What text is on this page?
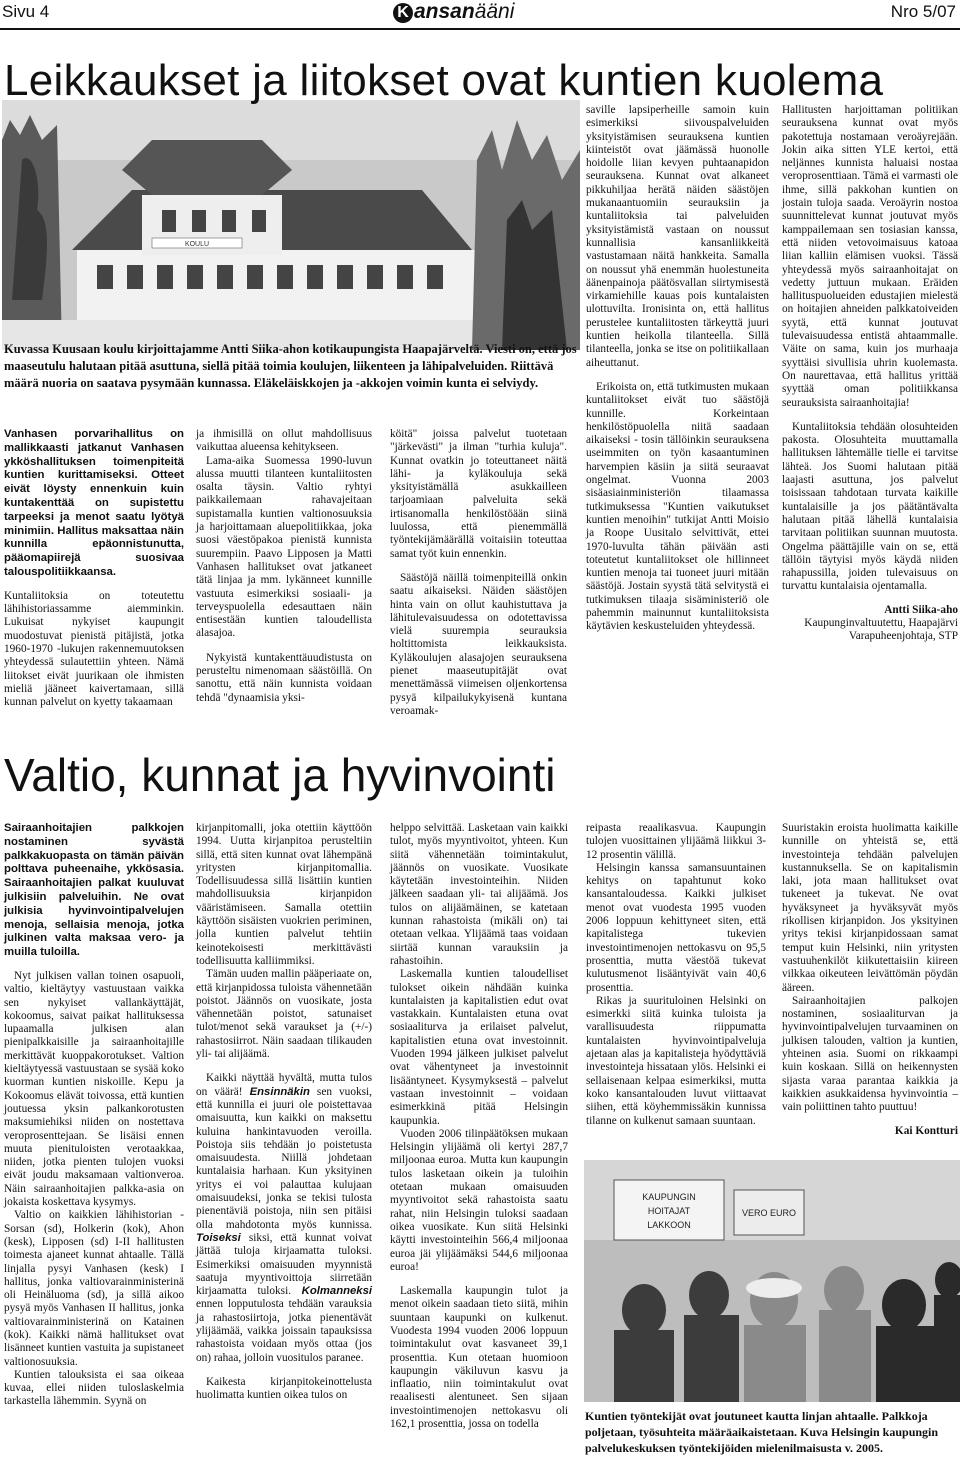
Sivu 4	K ansanääni	Nro 5/07
KOULU
Leikkaukset ja liitokset ovat kuntien kuolema
Kuvassa Kuusaan koulu kirjoittajamme Antti Siika-ahon kotikaupungista Haapajärveltä. Viesti on, että jos maaseutulu halutaan pitää asuttuna, siellä pitää toimia koulujen, liikenteen ja lähipalveluiden. Riittävä määrä nuoria on saatava pysymään kunnassa. Eläkeläiskkojen ja -akkojen voimin kunta ei selviydy.
Vanhasen porvarihallitus on mallikkaasti jatkanut Vanhasen ykköshallituksen toimenpiteitä kuntien kurittamiseksi. Otteet eivät löysty ennenkuin kuin kuntakenttää on supistettu tarpeeksi ja menot saatu lyötyä minimiin. Hallitus maksattaa näin kunnilla epäonnistunutta, pääomapiirejä suosivaa talouspolitiikkaansa.

Kuntaliitoksia on toteutettu lähihistoriassamme aiemminkin. Lukuisat nykyiset kaupungit muodostuvat pienistä pitäjistä, jotka 1960-1970 -lukujen rakennemuutoksen yhteydessä sulautettiin yhteen. Nämä liitokset eivät juurikaan ole ihmisten mieliä jääneet kaivertamaan, sillä kunnan palvelut on kyetty takaamaan

ja ihmisillä on ollut mahdollisuus vaikuttaa alueensa kehitykseen.

Lama-aika Suomessa 1990-luvun alussa muutti tilanteen kuntaliitosten osalta täysin. Valtio ryhtyi paikkailemaan rahavajeitaan supistamalla kuntien valtionosuuksia ja harjoittamaan aluepolitiikkaa, joka suosi väestöpakoa pienistä kunnista suurempiin. Paavo Lipposen ja Matti Vanhasen hallitukset ovat jatkaneet tätä linjaa ja mm. lykänneet kunnille vastuuta esimerkiksi sosiaali- ja terveyspuolella edesauttaen näin entisestään kuntien taloudellista alasajoa.

Nykyistä kuntakenttäuudistusta on perusteltu nimenomaan säästöillä. On sanottu, että näin kunnista voidaan tehdä "dynaamisia yksi-

köitä" joissa palvelut tuotetaan "järkevästi" ja ilman "turhia kuluja". Kunnat ovatkin jo toteuttaneet näitä lähi- ja kyläkouluja sekä yksityistämällä asukkailleen tarjoamiaan palveluita sekä irtisanomalla henkilöstöään siinä luulossa, että pienemmällä työntekijämäärällä voitaisiin toteuttaa samat työt kuin ennenkin.

Säästöjä näillä toimenpiteillä onkin saatu aikaiseksi. Näiden säästöjen hinta vain on ollut kauhistuttava ja lähitulevaisuudessa on odotettavissa vielä suurempia seurauksia holtittomista leikkauksista. Kyläkoulujen alasajojen seurauksena pienet maaseutupitäjät ovat menettämässä viimeisen oljenkortensa pysyä kilpailukykyisenä kuntana veroamak-

saville lapsiperheille samoin kuin esimerkiksi siivouspalveluiden yksityistämisen seurauksena kuntien kiinteistöt ovat jäämässä huonolle hoidolle liian kevyen puhtaanapidon seurauksena. Kunnat ovat alkaneet pikkuhiljaa herätä näiden säästöjen mukanaantuomiin seurauksiin ja kuntaliitoksia tai palveluiden yksityistämistä vastaan on noussut kunnallisia kansanliikkeitä vastustamaan näitä hankkeita. Samalla on noussut yhä enemmän huolestuneita äänenpainoja päätösvallan siirtymisestä virkamiehille kauas pois kuntalaisten ulottuvilta. Ironisinta on, että hallitus perustelee kuntaliitosten tärkeyttä juuri kuntien heikolla tilanteella. Sillä tilanteella, jonka se itse on politiikallaan aiheuttanut.

Erikoista on, että tutkimusten mukaan kuntaliitokset eivät tuo säästöjä kunnille. Korkeintaan henkilöstöpuolella niitä saadaan aikaiseksi - tosin tällöinkin seurauksena useimmiten on työn kasaantuminen harvempien käsiin ja siitä seuraavat ongelmat. Vuonna 2003 sisäasiainministeriön tilaamassa tutkimuksessa "Kuntien vaikutukset kuntien menoihin" tutkijat Antti Moisio ja Roope Uusitalo selvittivät, ettei 1970-luvulta tähän päivään asti toteutetut kuntaliitokset ole hillinneet kuntien menoja tai tuoneet juuri mitään säästöjä. Jostain syystä tätä selvitystä ei tutkimuksen tilaaja sisäministeriö ole pahemmin mainunnut kuntaliitoksista käytävien keskusteluiden yhteydessä.

Hallitusten harjoittaman politiikan seurauksena kunnat ovat myös pakotettuja nostamaan veroäyrejään. Jokin aika sitten YLE kertoi, että neljännes kunnista haluaisi nostaa veroprosenttiaan. Tämä ei varmasti ole ihme, sillä pakkohan kuntien on jostain tuloja saada. Veroäyrin nostoa suunnittelevat kunnat joutuvat myös kamppailemaan sen tosiasian kanssa, että niiden vetovoimaisuus katoaa liian kalliin elämisen vuoksi. Tässä yhteydessä myös sairaanhoitajat on vedetty juttuun mukaan. Eräiden hallituspuolueiden edustajien mielestä on hoitajien ahneiden palkkatoiveiden syytä, että kunnat joutuvat tulevaisuudessa entistä ahtaammalle. Väite on sama, kuin jos murhaaja syyttäisi sivullisia uhrin kuolemasta. On naurettavaa, että hallitus yrittää syyttää oman politiikkansa seurauksista sairaanhoitajia!

Kuntaliitoksia tehdään olosuhteiden pakosta. Olosuhteita muuttamalla hallituksen lähtemälle tielle ei tarvitse lähteä. Jos Suomi halutaan pitää laajasti asuttuna, jos palvelut toisissaan tahdotaan turvata kaikille kuntalaisille ja jos päätäntävalta halutaan pitää lähellä kuntalaisia tarvitaan politiikan suunnan muutosta. Ongelma päättäjille vain on se, että tällöin täytyisi myös käydä niiden rahapussilla, joiden tulevaisuus on turvattu kuntalaisia ojentamalla.

Antti Siika-aho Kaupunginvaltuutettu, Haapajärvi
Varapuheenjohtaja, STP

Valtio, kunnat ja hyvinvointi
Sairaanhoitajien palkkojen nostaminen syvästä palkkakuopasta on tämän päivän polttava puheenaihe, ykkösasia. Sairaanhoitajien palkat kuuluvat julkisiin palveluihin. Ne ovat julkisia hyvinvointipalvelujen menoja, sellaisia menoja, jotka julkinen valta maksaa vero- ja muilla tuloilla.

Nyt julkisen vallan toinen osapuoli, valtio, kieltäytyy vastuustaan vaikka sen nykyiset vallankäyttäjät, kokoomus, saivat paikat hallituksessa lupaamalla julkisen alan pienipalkkaisille ja sairaanhoitajille merkittävät kuoppakorotukset. Valtion kieltäytyessä vastuustaan se sysää koko kuorman kuntien niskoille. Kepu ja Kokoomus elävät toivossa, että kuntien joutuessa yksin palkankorotusten maksumiehiksi niiden on nostettava veroprosenttejaan. Se lisäisi ennen muuta pienituloisten verotaakkaa, niiden, jotka pienten tulojen vuoksi eivät joudu maksamaan valtionveroa. Näin sairaanhoitajien palkka-asia on jokaista koskettava kysymys.

Valtio on kaikkien lähihistorian - Sorsan (sd), Holkerin (kok), Ahon (kesk), Lipposen (sd) I-II hallitusten toimesta ajaneet kunnat ahtaalle. Tällä linjalla pysyi Vanhasen (kesk) I hallitus, jonka valtiovarainministerinä oli Heinäluoma (sd), ja sillä aikoo pysyä myös Vanhasen II hallitus, jonka valtiovarainministerinä on Katainen (kok). Kaikki nämä hallitukset ovat lisänneet kuntien vastuita ja supistaneet valtionosuuksia.

Kuntien talouksista ei saa oikeaa kuvaa, ellei niiden tuloslaskelmia tarkastella lähemmin. Syynä on

kirjanpitomalli, joka otettiin käyttöön 1994. Uutta kirjanpitoa perusteltiin sillä, että siten kunnat ovat lähempänä yritysten kirjanpitomallia. Todellisuudessa sillä lisättiin kuntien mahdollisuuksia kirjanpidon vääristämiseen. Samalla otettiin käyttöön sisäisten vuokrien periminen, jolla kuntien palvelut tehtiin keinotekoisesti merkittävästi todellisuutta kalliimmiksi.

Tämän uuden mallin pääperiaate on, että kirjanpidossa tuloista vähennetään poistot. Jäännös on vuosikate, josta vähennetään poistot, satunaiset tulot/menot sekä varaukset ja (+/-) rahastosiirrot. Näin saadaan tilikauden yli- tai alijäämä.

Kaikki näyttää hyvältä, mutta tulos on väärä! Ensinnäkin sen vuoksi, että kunnilla ei juuri ole poistettavaa omaisuutta, kun kaikki on maksettu kuluina hankintavuoden veroilla. Poistoja siis tehdään jo poistetusta omaisuudesta. Niillä johdetaan kuntalaisia harhaan. Kun yksityinen yritys ei voi palauttaa kulujaan omaisuudeksi, jonka se tekisi tulosta pienentäviä poistoja, niin sen pitäisi olla mahdotonta myös kunnissa. Toiseksi siksi, että kunnat voivat jättää tuloja kirjaamatta tuloksi. Esimerkiksi omaisuuden myynnistä saatuja myyntivoittoja siirretään kirjaamatta tuloksi. Kolmanneksi ennen lopputulosta tehdään varauksia ja rahastosiirtoja, jotka pienentävät ylijäämää, vaikka joissain tapauksissa rahastoista voidaan myös ottaa (jos on) rahaa, jolloin vuositulos paranee.

Kaikesta kirjanpitokeinottelusta huolimatta kuntien oikea tulos on

helppo selvittää. Lasketaan vain kaikki tulot, myös myyntivoitot, yhteen. Kun siitä vähennetään toimintakulut, jäännös on vuosikate. Vuosikate käytetään investointeihin. Niiden jälkeen saadaan yli- tai alijäämä. Jos tulos on alijäämäinen, se katetaan kunnan rahastoista (mikäli on) tai otetaan velkaa. Ylijäämä taas voidaan siirtää kunnan varauksiin ja rahastoihin.

Laskemalla kuntien taloudelliset tulokset oikein nähdään kuinka kuntalaisten ja kapitalistien edut ovat vastakkain. Kuntalaisten etuna ovat sosiaaliturva ja erilaiset palvelut, kapitalistien etuna ovat investoinnit. Vuoden 1994 jälkeen julkiset palvelut ovat vähentyneet ja investoinnit lisääntyneet. Kysymyksestä – palvelut vastaan investoinnit – voidaan esimerkkinä pitää Helsingin kaupunkia.

Vuoden 2006 tilinpäätöksen mukaan Helsingin ylijäämä oli kertyi 287,7 miljoonaa euroa. Mutta kun kaupungin tulos lasketaan oikein ja tuloihin otetaan mukaan omaisuuden myyntivoitot sekä rahastoista saatu rahat, niin Helsingin tuloksi saadaan oikea vuosikate. Kun siitä Helsinki käytti investointeihin 566,4 miljoonaa euroa jäi ylijäämäksi 544,6 miljoonaa euroa!

Laskemalla kaupungin tulot ja menot oikein saadaan tieto siitä, mihin suuntaan kaupunki on kulkenut. Vuodesta 1994 vuoden 2006 loppuun toimintakulut ovat kasvaneet 39,1 prosenttia. Kun otetaan huomioon kaupungin väkiluvun kasvu ja inflaatio, niin toimintakulut ovat reaalisesti alentuneet. Sen sijaan investointimenojen nettokasvu oli 162,1 prosenttia, jossa on todella

reipasta reaalikasvua. Kaupungin tulojen vuosittainen ylijäämä liikkui 3-12 prosentin välillä.

Helsingin kanssa samansuuntainen kehitys on tapahtunut koko kansantaloudessa. Kaikki julkiset menot ovat vuodesta 1995 vuoden 2006 loppuun kehittyneet siten, että kapitalistega tukevien investointimenojen nettokasvu on 95,5 prosenttia, mutta väestöä tukevat kulutusmenot lisääntyivät vain 40,6 prosenttia.

Rikas ja suurituloinen Helsinki on esimerkki siitä kuinka tuloista ja varallisuudesta riippumatta kuntalaisten hyvinvointipalveluja ajetaan alas ja kapitalisteja hyödyttäviä investointeja hissataan ylös. Helsinki ei sellaisenaan kelpaa esimerkiksi, mutta koko kansantalouden luvut viittaavat siihen, että köyhemmissäkin kunnissa tilanne on kulkenut samaan suuntaan.

Suuristakin eroista huolimatta kaikille kunnille on yhteistä se, että investointeja tehdään palvelujen kustannuksella. Se on kapitalismin laki, jota maan hallitukset ovat tukeneet ja tukevat. Ne ovat hyväksyneet ja hyväksyvät myös rikollisen kirjanpidon. Jos yksityinen yritys tekisi kirjanpidossaan samat temput kuin Helsinki, niin yritysten vastuuhenkilöt kiikutettaisiin kiireen vilkkaa oikeuteen leivättömän pöydän ääreen.

Sairaanhoitajien palkojen nostaminen, sosiaaliturvan ja hyvinvointipalvelujen turvaaminen on julkisen talouden, valtion ja kuntien, yhteinen asia. Suomi on rikkaampi kuin koskaan. Sillä on heikennysten sijasta varaa parantaa kaikkia ja kaikkien asukkaidensa hyvinvointia – vain poliittinen tahto puuttuu!

Kai Kontturi

KAUPUNGIN
HOITAJAT
LAKKOON
VERO EURO
Kuntien työntekijät ovat joutuneet kautta linjan ahtaalle. Palkkoja poljetaan, työsuhteita määräaikaistetaan. Kuva Helsingin kaupungin palvelukeskuksen työntekijöiden mielenilmaisusta v. 2005.
